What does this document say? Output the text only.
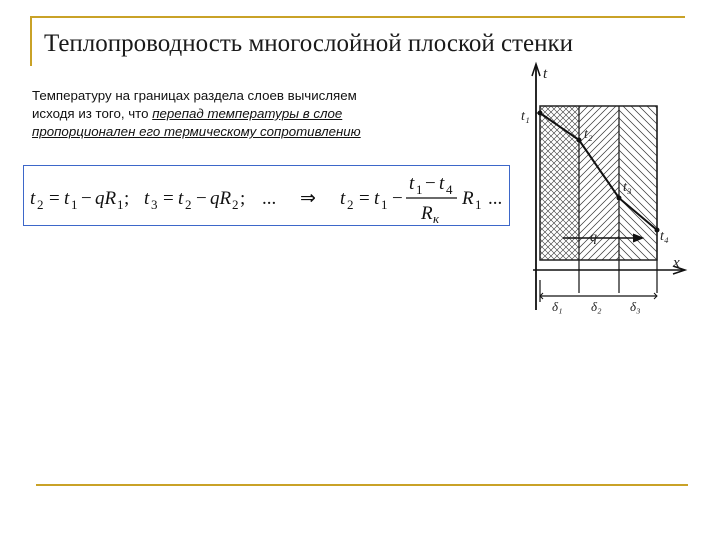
Теплопроводность многослойной плоской стенки
Температуру на границах раздела слоев вычисляем
исходя из того, что перепад температуры в слое
пропорционален его термическому сопротивлению
t 2 = t 1 − qR 1 ; t 3 = t 2 − qR 2 ; ... ⇒ t 2 = t 1 −
t 1 − t 4
R к
R 1 ...
t
x
t₁
t₂
t₃
t₄
q
δ₁ δ₂ δ₃
